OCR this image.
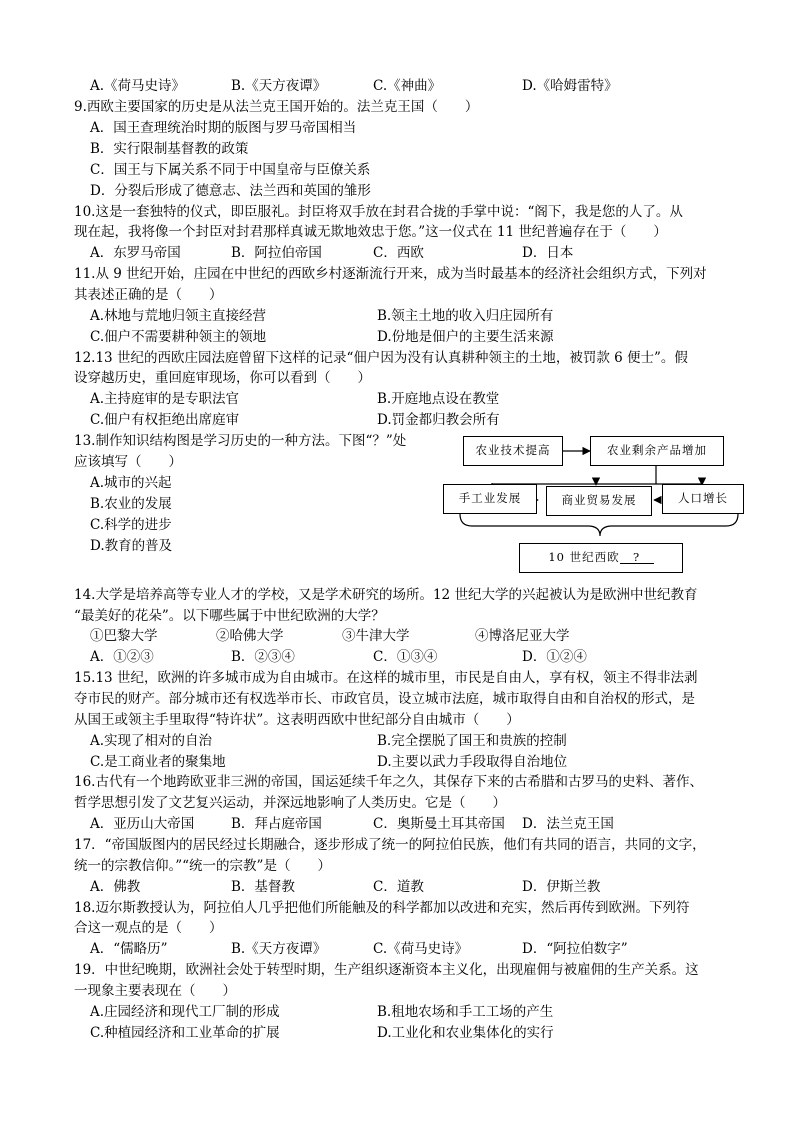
A.《荷马史诗》	B.《天方夜谭》	C.《神曲》	D.《哈姆雷特》
9.西欧主要国家的历史是从法兰克王国开始的。法兰克王国（　　）
A．国王查理统治时期的版图与罗马帝国相当
B．实行限制基督教的政策
C．国王与下属关系不同于中国皇帝与臣僚关系
D．分裂后形成了德意志、法兰西和英国的雏形
10.这是一套独特的仪式，即臣服礼。封臣将双手放在封君合拢的手掌中说：“阁下，我是您的人了。从
现在起，我将像一个封臣对封君那样真诚无欺地效忠于您。”这一仪式在 11 世纪普遍存在于（　　）
A．东罗马帝国	B．阿拉伯帝国	C．西欧	D．日本
11.从 9 世纪开始，庄园在中世纪的西欧乡村逐渐流行开来，成为当时最基本的经济社会组织方式，下列对
其表述正确的是（　　）
A.林地与荒地归领主直接经营	B.领主土地的收入归庄园所有
C.佃户不需要耕种领主的领地	D.份地是佃户的主要生活来源
12.13 世纪的西欧庄园法庭曾留下这样的记录“佃户因为没有认真耕种领主的土地，被罚款 6 便士”。假
设穿越历史，重回庭审现场，你可以看到（　　）
A.主持庭审的是专职法官	B.开庭地点设在教堂
C.佃户有权拒绝出席庭审	D.罚金都归教会所有
13.制作知识结构图是学习历史的一种方法。下图“？”处
应该填写（　　）
A.城市的兴起
B.农业的发展
C.科学的进步
D.教育的普及
农业技术提高	农业剩余产品增加
手工业发展	商业贸易发展	人口增长
10 世纪西欧	?
14.大学是培养高等专业人才的学校，又是学术研究的场所。12 世纪大学的兴起被认为是欧洲中世纪教育
“最美好的花朵”。以下哪些属于中世纪欧洲的大学？
①巴黎大学	②哈佛大学	③牛津大学	④博洛尼亚大学
A．①②③	B．②③④	C．①③④	D．①②④
15.13 世纪，欧洲的许多城市成为自由城市。在这样的城市里，市民是自由人，享有权，领主不得非法剥
夺市民的财产。部分城市还有权选举市长、市政官员，设立城市法庭，城市取得自由和自治权的形式，是
从国王或领主手里取得“特许状”。这表明西欧中世纪部分自由城市（　　）
A.实现了相对的自治	B.完全摆脱了国王和贵族的控制
C.是工商业者的聚集地	D.主要以武力手段取得自治地位
16.古代有一个地跨欧亚非三洲的帝国，国运延续千年之久，其保存下来的古希腊和古罗马的史料、著作、
哲学思想引发了文艺复兴运动，并深远地影响了人类历史。它是（　　）
A．亚历山大帝国	B．拜占庭帝国	C．奥斯曼土耳其帝国 D．法兰克王国
17．“帝国版图内的居民经过长期融合，逐步形成了统一的阿拉伯民族，他们有共同的语言，共同的文字，
统一的宗教信仰。”“统一的宗教”是（　　）
A．佛教	B．基督教	C．道教	D．伊斯兰教
18.迈尔斯教授认为，阿拉伯人几乎把他们所能触及的科学都加以改进和充实，然后再传到欧洲。下列符
合这一观点的是（　　）
A．“儒略历”	B.《天方夜谭》	C.《荷马史诗》	D．“阿拉伯数字”
19．中世纪晚期，欧洲社会处于转型时期，生产组织逐渐资本主义化，出现雇佣与被雇佣的生产关系。这
一现象主要表现在（　　）
A.庄园经济和现代工厂制的形成	B.租地农场和手工工场的产生
C.种植园经济和工业革命的扩展	D.工业化和农业集体化的实行
